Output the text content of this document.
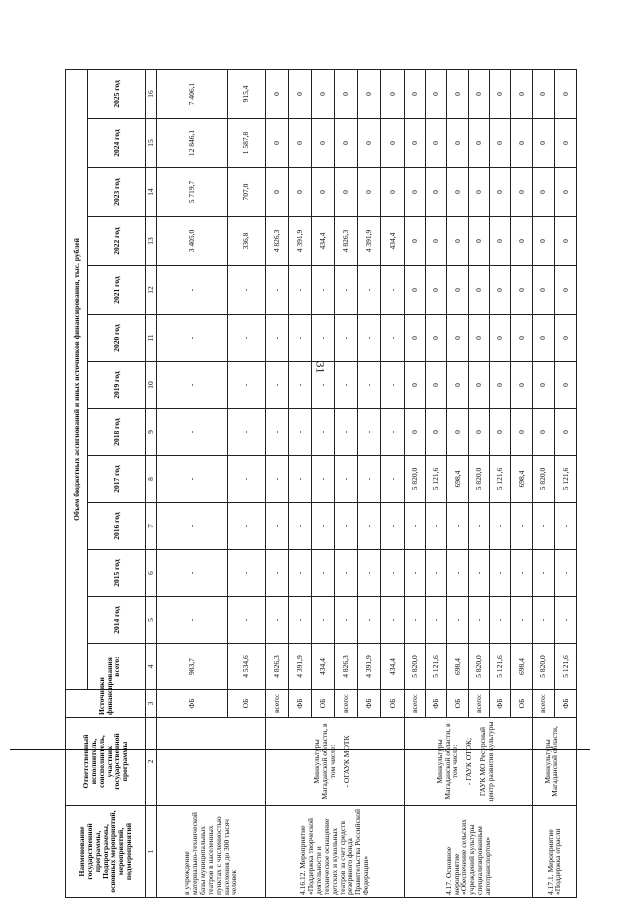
31
Наименование государственной программы, Подпрограммы, основных мероприятий, мероприятий, подмероприятий	Ответственный исполнитель, соисполнитель, участник государственной программы	Источники финансирования	Объем бюджетных ассигнований и иных источников финансирования, тыс. рублей													
			всего:	2014 год	2015 год	2016 год	2017 год	2018 год	2019 год	2020 год	2021 год	2022 год	2023 год	2024 год	2025 год	
1	2	3	4	5	6	7	8	9	10	11	12	13	14	15	16	
в учреждение материально-технической базы муниципальных театров в населенных пунктах с численностью населения до 300 тысяч человек		ФБ	983,7	-	-	-	-	-	-	-	-	3 405,0	5 719,7	12 846,1	7 406,1	
		ОБ	4 534,6	-	-	-	-	-	-	-	-	336,8	707,0	1 587,8	915,4	
4.16.12. Мероприятие «Поддержка творческой деятельности и техническое оснащение детских и кукольных театров за счет средств резервного фонда Правительства Российской Федерации»	Минкультуры Магаданской области, в том числе: - ОГАУК МОТК	всего:	4 826,3	-	-	-	-	-	-	-	-	4 826,3	0	0	0	
		ФБ	4 391,9	-	-	-	-	-	-	-	-	4 391,9	0	0	0	
		ОБ	434,4	-	-	-	-	-	-	-	-	434,4	0	0	0	
		всего:	4 826,3	-	-	-	-	-	-	-	-	4 826,3	0	0	0	
		ФБ	4 391,9	-	-	-	-	-	-	-	-	4 391,9	0	0	0	
		ОБ	434,4	-	-	-	-	-	-	-	-	434,4	0	0	0	
4.17. Основное мероприятие «Обеспечение сельских учреждений культуры специализированным автотранспортом»	Минкультуры Магаданской области, в том числе: - ГАУК ОТОК; ГАУК МО Ресурсный центр развития культуры	всего:	5 820,0	-	-	-	5 820,0	0	0	0	0	0	0	0	0	
		ФБ	5 121,6	-	-	-	5 121,6	0	0	0	0	0	0	0	0	
		ОБ	698,4	-	-	-	698,4	0	0	0	0	0	0	0	0	
		всего:	5 820,0	-	-	-	5 820,0	0	0	0	0	0	0	0	0	
		ФБ	5 121,6	-	-	-	5 121,6	0	0	0	0	0	0	0	0	
		ОБ	698,4	-	-	-	698,4	0	0	0	0	0	0	0	0	
4.17.1. Мероприятие «Поддержка отрасли	Минкультуры Магаданской области,	всего:	5 820,0	-	-	-	5 820,0	0	0	0	0	0	0	0	0	
		ФБ	5 121,6	-	-	-	5 121,6	0	0	0	0	0	0	0	0	
